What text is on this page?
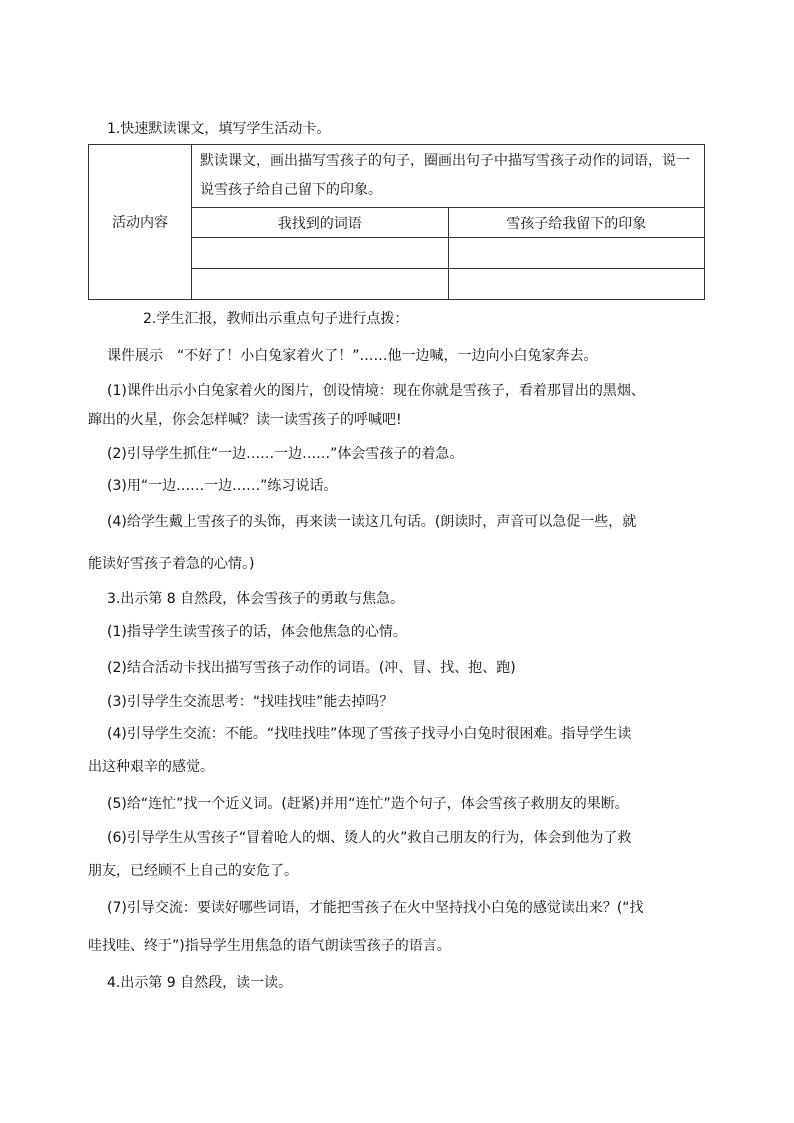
1.快速默读课文，填写学生活动卡。
活动内容	默读课文，画出描写雪孩子的句子，圈画出句子中描写雪孩子动作的词语，说一说雪孩子给自己留下的印象。	
	我找到的词语	雪孩子给我留下的印象

2.学生汇报，教师出示重点句子进行点拨：
课件展示　“不好了！小白兔家着火了！”……他一边喊，一边向小白兔家奔去。
(1)课件出示小白兔家着火的图片，创设情境：现在你就是雪孩子，看着那冒出的黑烟、
蹿出的火星，你会怎样喊？读一读雪孩子的呼喊吧!
(2)引导学生抓住“一边……一边……”体会雪孩子的着急。
(3)用“一边……一边……”练习说话。
(4)给学生戴上雪孩子的头饰，再来读一读这几句话。(朗读时，声音可以急促一些，就
能读好雪孩子着急的心情。)
3.出示第 8 自然段，体会雪孩子的勇敢与焦急。
(1)指导学生读雪孩子的话，体会他焦急的心情。
(2)结合活动卡找出描写雪孩子动作的词语。(冲、冒、找、抱、跑)
(3)引导学生交流思考：“找哇找哇”能去掉吗？
(4)引导学生交流：不能。“找哇找哇”体现了雪孩子找寻小白兔时很困难。指导学生读
出这种艰辛的感觉。
(5)给“连忙”找一个近义词。(赶紧)并用“连忙”造个句子，体会雪孩子救朋友的果断。
(6)引导学生从雪孩子“冒着呛人的烟、烫人的火”救自己朋友的行为，体会到他为了救
朋友，已经顾不上自己的安危了。
(7)引导交流：要读好哪些词语，才能把雪孩子在火中坚持找小白兔的感觉读出来？(“找
哇找哇、终于”)指导学生用焦急的语气朗读雪孩子的语言。
4.出示第 9 自然段，读一读。
